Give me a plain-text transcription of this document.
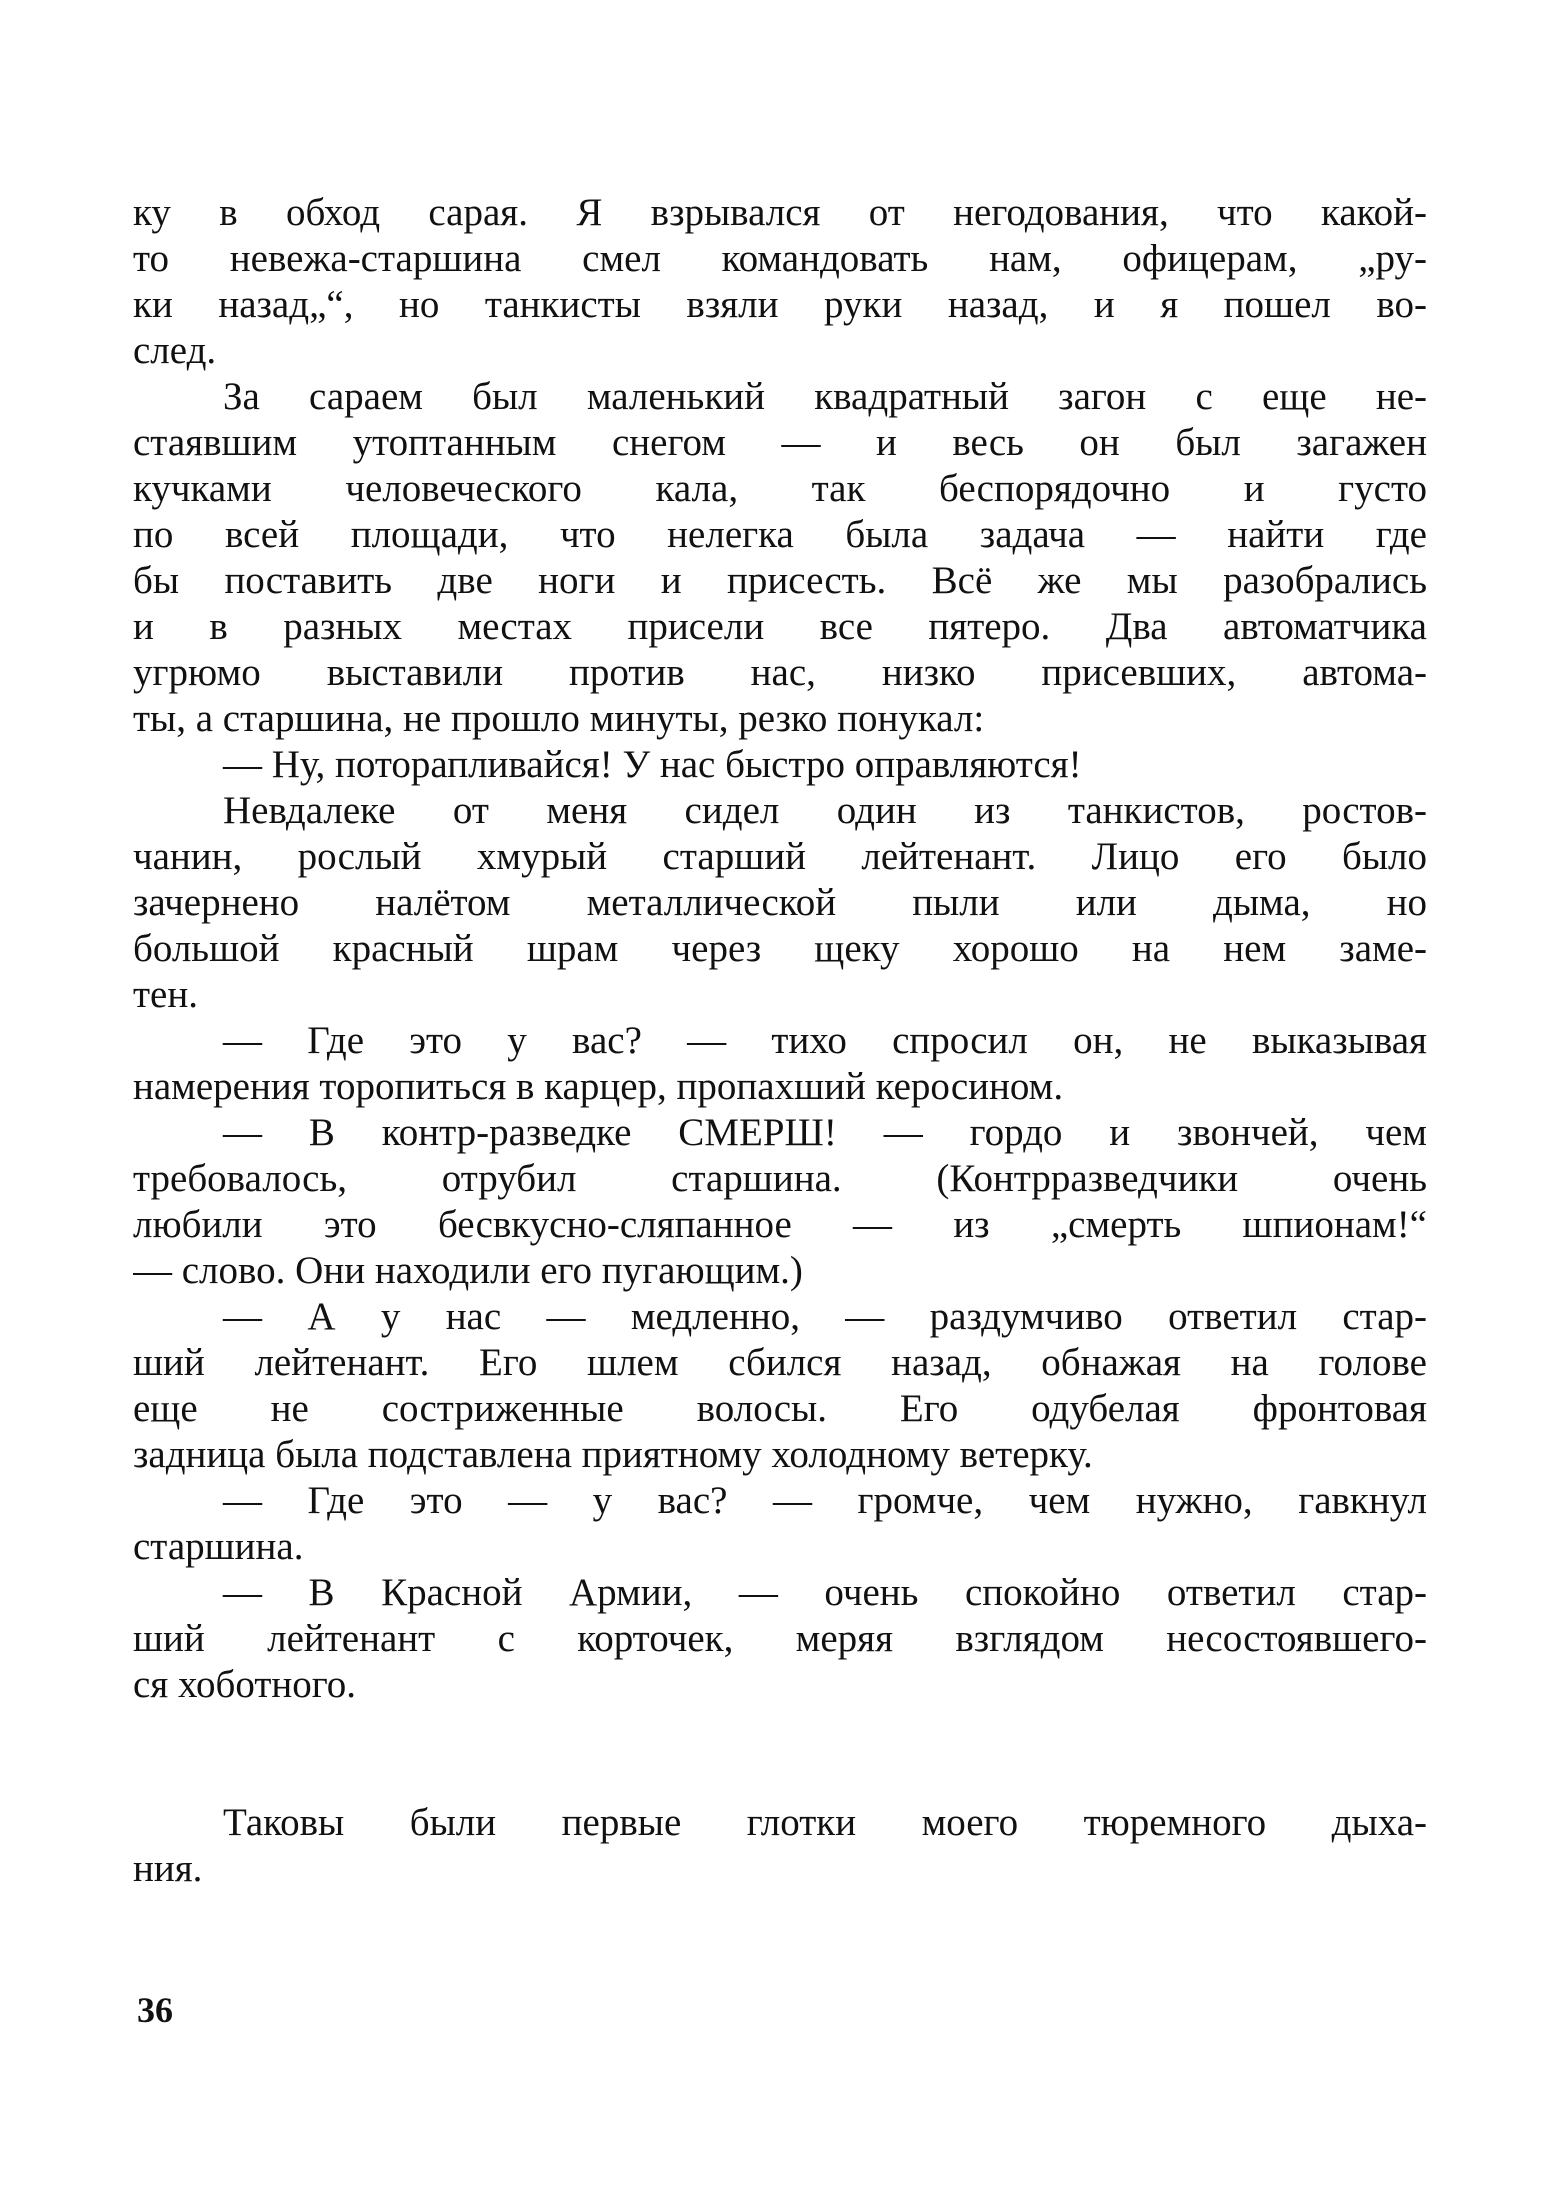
ку в обход сарая. Я взрывался от негодования, что какой-
то невежа-старшина смел командовать нам, офицерам, „ру-
ки назад„“, но танкисты взяли руки назад, и я пошел во-
след.
За сараем был маленький квадратный загон с еще не-
стаявшим утоптанным снегом — и весь он был загажен
кучками человеческого кала, так беспорядочно и густо
по всей площади, что нелегка была задача — найти где
бы поставить две ноги и присесть. Всё же мы разобрались
и в разных местах присели все пятеро. Два автоматчика
угрюмо выставили против нас, низко присевших, автома-
ты, а старшина, не прошло минуты, резко понукал:
— Ну, поторапливайся! У нас быстро оправляются!
Невдалеке от меня сидел один из танкистов, ростов-
чанин, рослый хмурый старший лейтенант. Лицо его было
зачернено налётом металлической пыли или дыма, но
большой красный шрам через щеку хорошо на нем заме-
тен.
— Где это у вас? — тихо спросил он, не выказывая
намерения торопиться в карцер, пропахший керосином.
— В контр-разведке СМЕРШ! — гордо и звончей, чем
требовалось, отрубил старшина. (Контрразведчики очень
любили это бесвкусно-сляпанное — из „смерть шпионам!“
— слово. Они находили его пугающим.)
— А у нас — медленно, — раздумчиво ответил стар-
ший лейтенант. Его шлем сбился назад, обнажая на голове
еще не состриженные волосы. Его одубелая фронтовая
задница была подставлена приятному холодному ветерку.
— Где это — у вас? — громче, чем нужно, гавкнул
старшина.
— В Красной Армии, — очень спокойно ответил стар-
ший лейтенант с корточек, меряя взглядом несостоявшего-
ся хоботного.
Таковы были первые глотки моего тюремного дыха-
ния.
36
